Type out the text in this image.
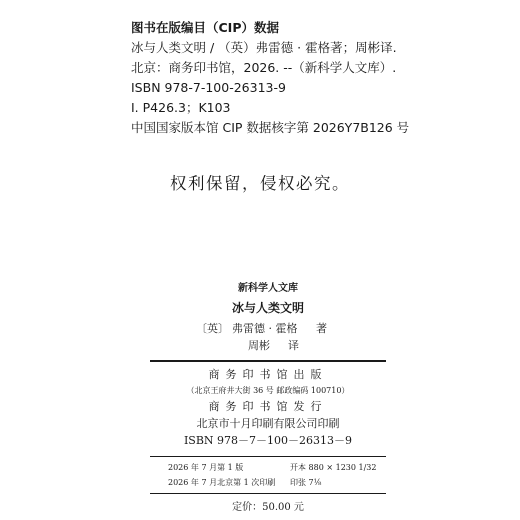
图书在版编目（CIP）数据
冰与人类文明 / （英）弗雷德 · 霍格著；周彬译.
北京：商务印书馆，2026. --（新科学人文库）.
ISBN 978-7-100-26313-9
Ⅰ. P426.3；K103
中国国家版本馆 CIP 数据核字第 2026Y7B126 号
权利保留，侵权必究。
新科学人文库
冰与人类文明
〔英〕 弗雷德 · 霍格 著
周彬 译
商务印书馆出版
（北京王府井大街 36 号 邮政编码 100710）
商务印书馆发行
北京市十月印刷有限公司印刷
ISBN 978－7－100－26313－9
2026 年 7 月第 1 版	开本 880 × 1230 1/32
2026 年 7 月北京第 1 次印刷 印张 7⅛
定价：50.00 元
